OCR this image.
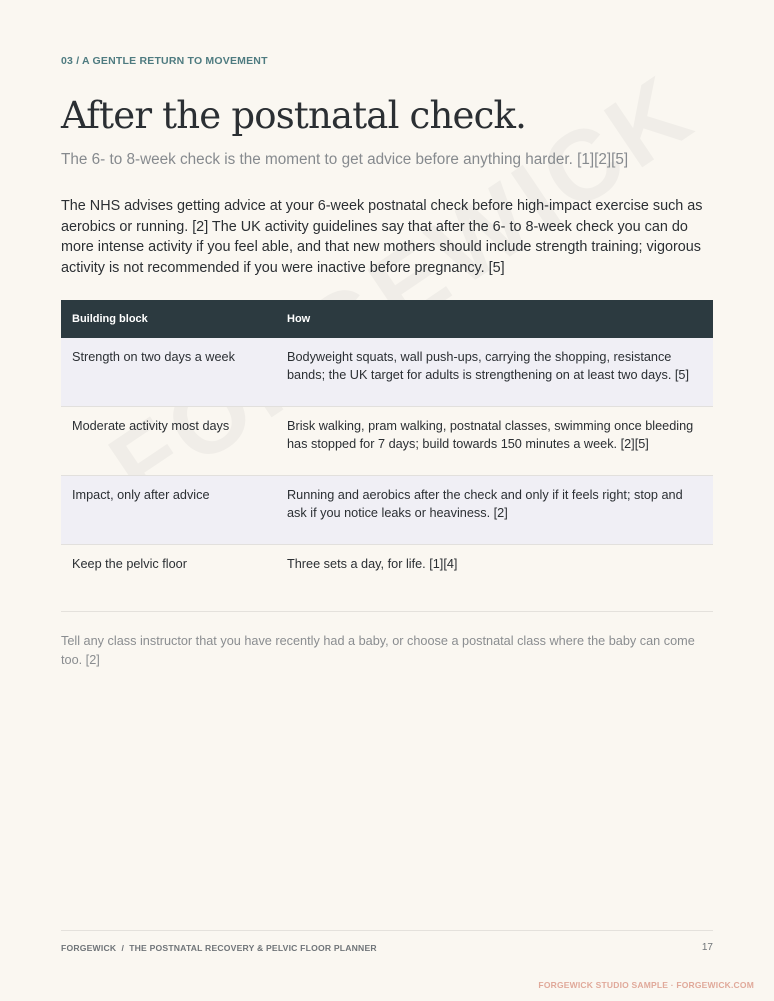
03 / A GENTLE RETURN TO MOVEMENT
After the postnatal check.

The 6- to 8-week check is the moment to get advice before anything harder. [1][2][5]

The NHS advises getting advice at your 6-week postnatal check before high-impact exercise such as aerobics or running. [2] The UK activity guidelines say that after the 6- to 8-week check you can do more intense activity if you feel able, and that new mothers should include strength training; vigorous activity is not recommended if you were inactive before pregnancy. [5]

Building block	How
Strength on two days a week	Bodyweight squats, wall push-ups, carrying the shopping, resistance bands; the UK target for adults is strengthening on at least two days. [5]
Moderate activity most days	Brisk walking, pram walking, postnatal classes, swimming once bleeding has stopped for 7 days; build towards 150 minutes a week. [2][5]
Impact, only after advice	Running and aerobics after the check and only if it feels right; stop and ask if you notice leaks or heaviness. [2]
Keep the pelvic floor	Three sets a day, for life. [1][4]

Tell any class instructor that you have recently had a baby, or choose a postnatal class where the baby can come too. [2]

FORGEWICK  /  THE POSTNATAL RECOVERY & PELVIC FLOOR PLANNER	17
FORGEWICK STUDIO SAMPLE · FORGEWICK.COM
